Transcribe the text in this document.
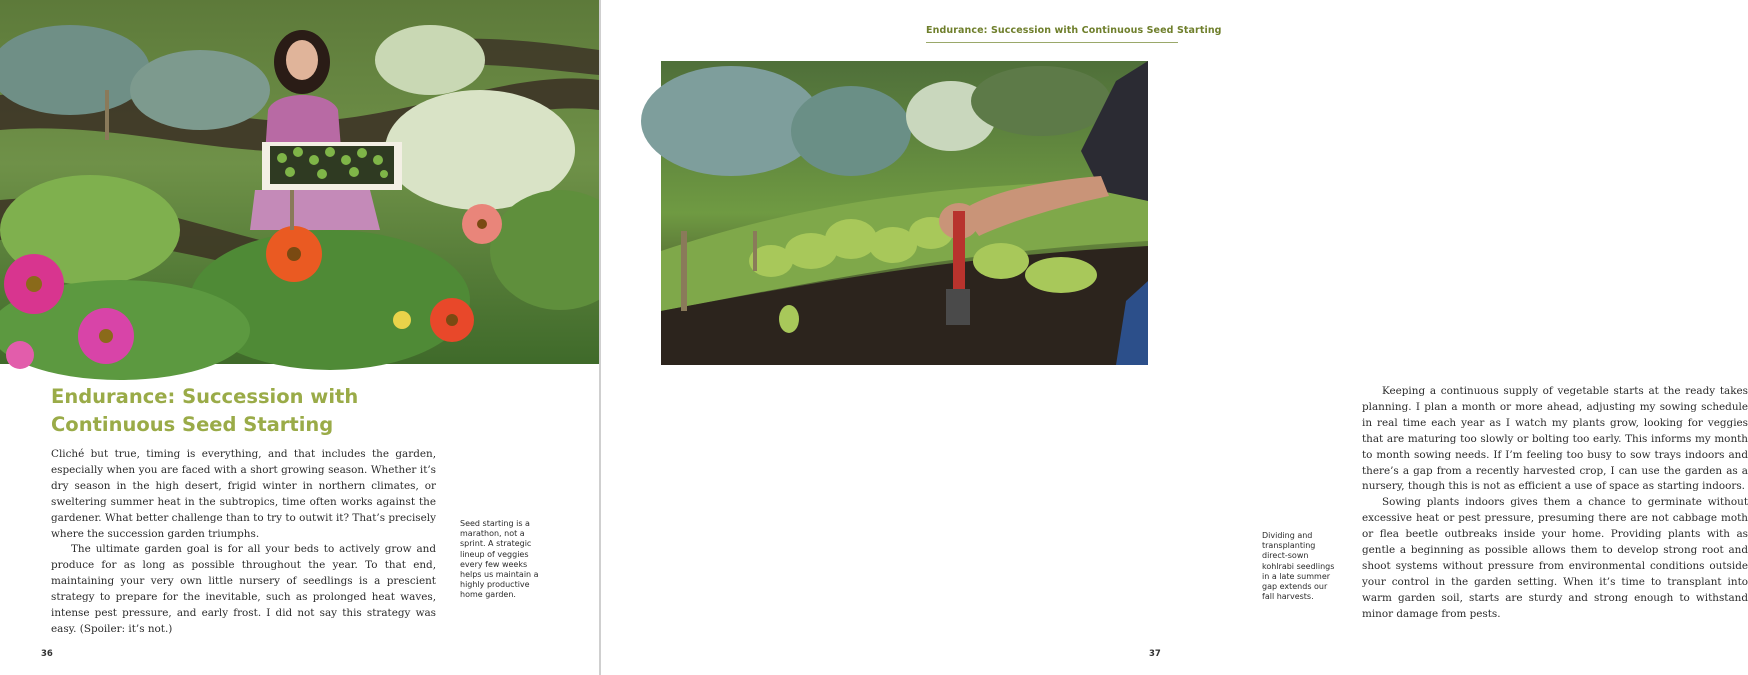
Endurance: Succession with Continuous Seed Starting

Cliché but true, timing is everything, and that includes the garden, especially when you are faced with a short growing season. Whether it’s dry season in the high desert, frigid winter in northern climates, or sweltering summer heat in the subtropics, time often works against the gardener. What better challenge than to try to outwit it? That’s precisely where the succession garden triumphs.

The ultimate garden goal is for all your beds to actively grow and produce for as long as possible throughout the year. To that end, maintaining your very own little nursery of seedlings is a prescient strategy to prepare for the inevitable, such as prolonged heat waves, intense pest pressure, and early frost. I did not say this strategy was easy. (Spoiler: it’s not.)

Seed starting is a marathon, not a sprint. A strategic lineup of veggies every few weeks helps us maintain a highly productive home garden.

36
Endurance: Succession with Continuous Seed Starting

Keeping a continuous supply of vegetable starts at the ready takes planning. I plan a month or more ahead, adjusting my sowing schedule in real time each year as I watch my plants grow, looking for veggies that are maturing too slowly or bolting too early. This informs my month to month sowing needs. If I’m feeling too busy to sow trays indoors and there’s a gap from a recently harvested crop, I can use the garden as a nursery, though this is not as efficient a use of space as starting indoors.

Sowing plants indoors gives them a chance to germinate without excessive heat or pest pressure, presuming there are not cabbage moth or flea beetle outbreaks inside your home. Providing plants with as gentle a beginning as possible allows them to develop strong root and shoot systems without pressure from environmental conditions outside your control in the garden setting. When it’s time to transplant into warm garden soil, starts are sturdy and strong enough to withstand minor damage from pests.

Dividing and transplanting direct-sown kohlrabi seedlings in a late summer gap extends our fall harvests.

37
